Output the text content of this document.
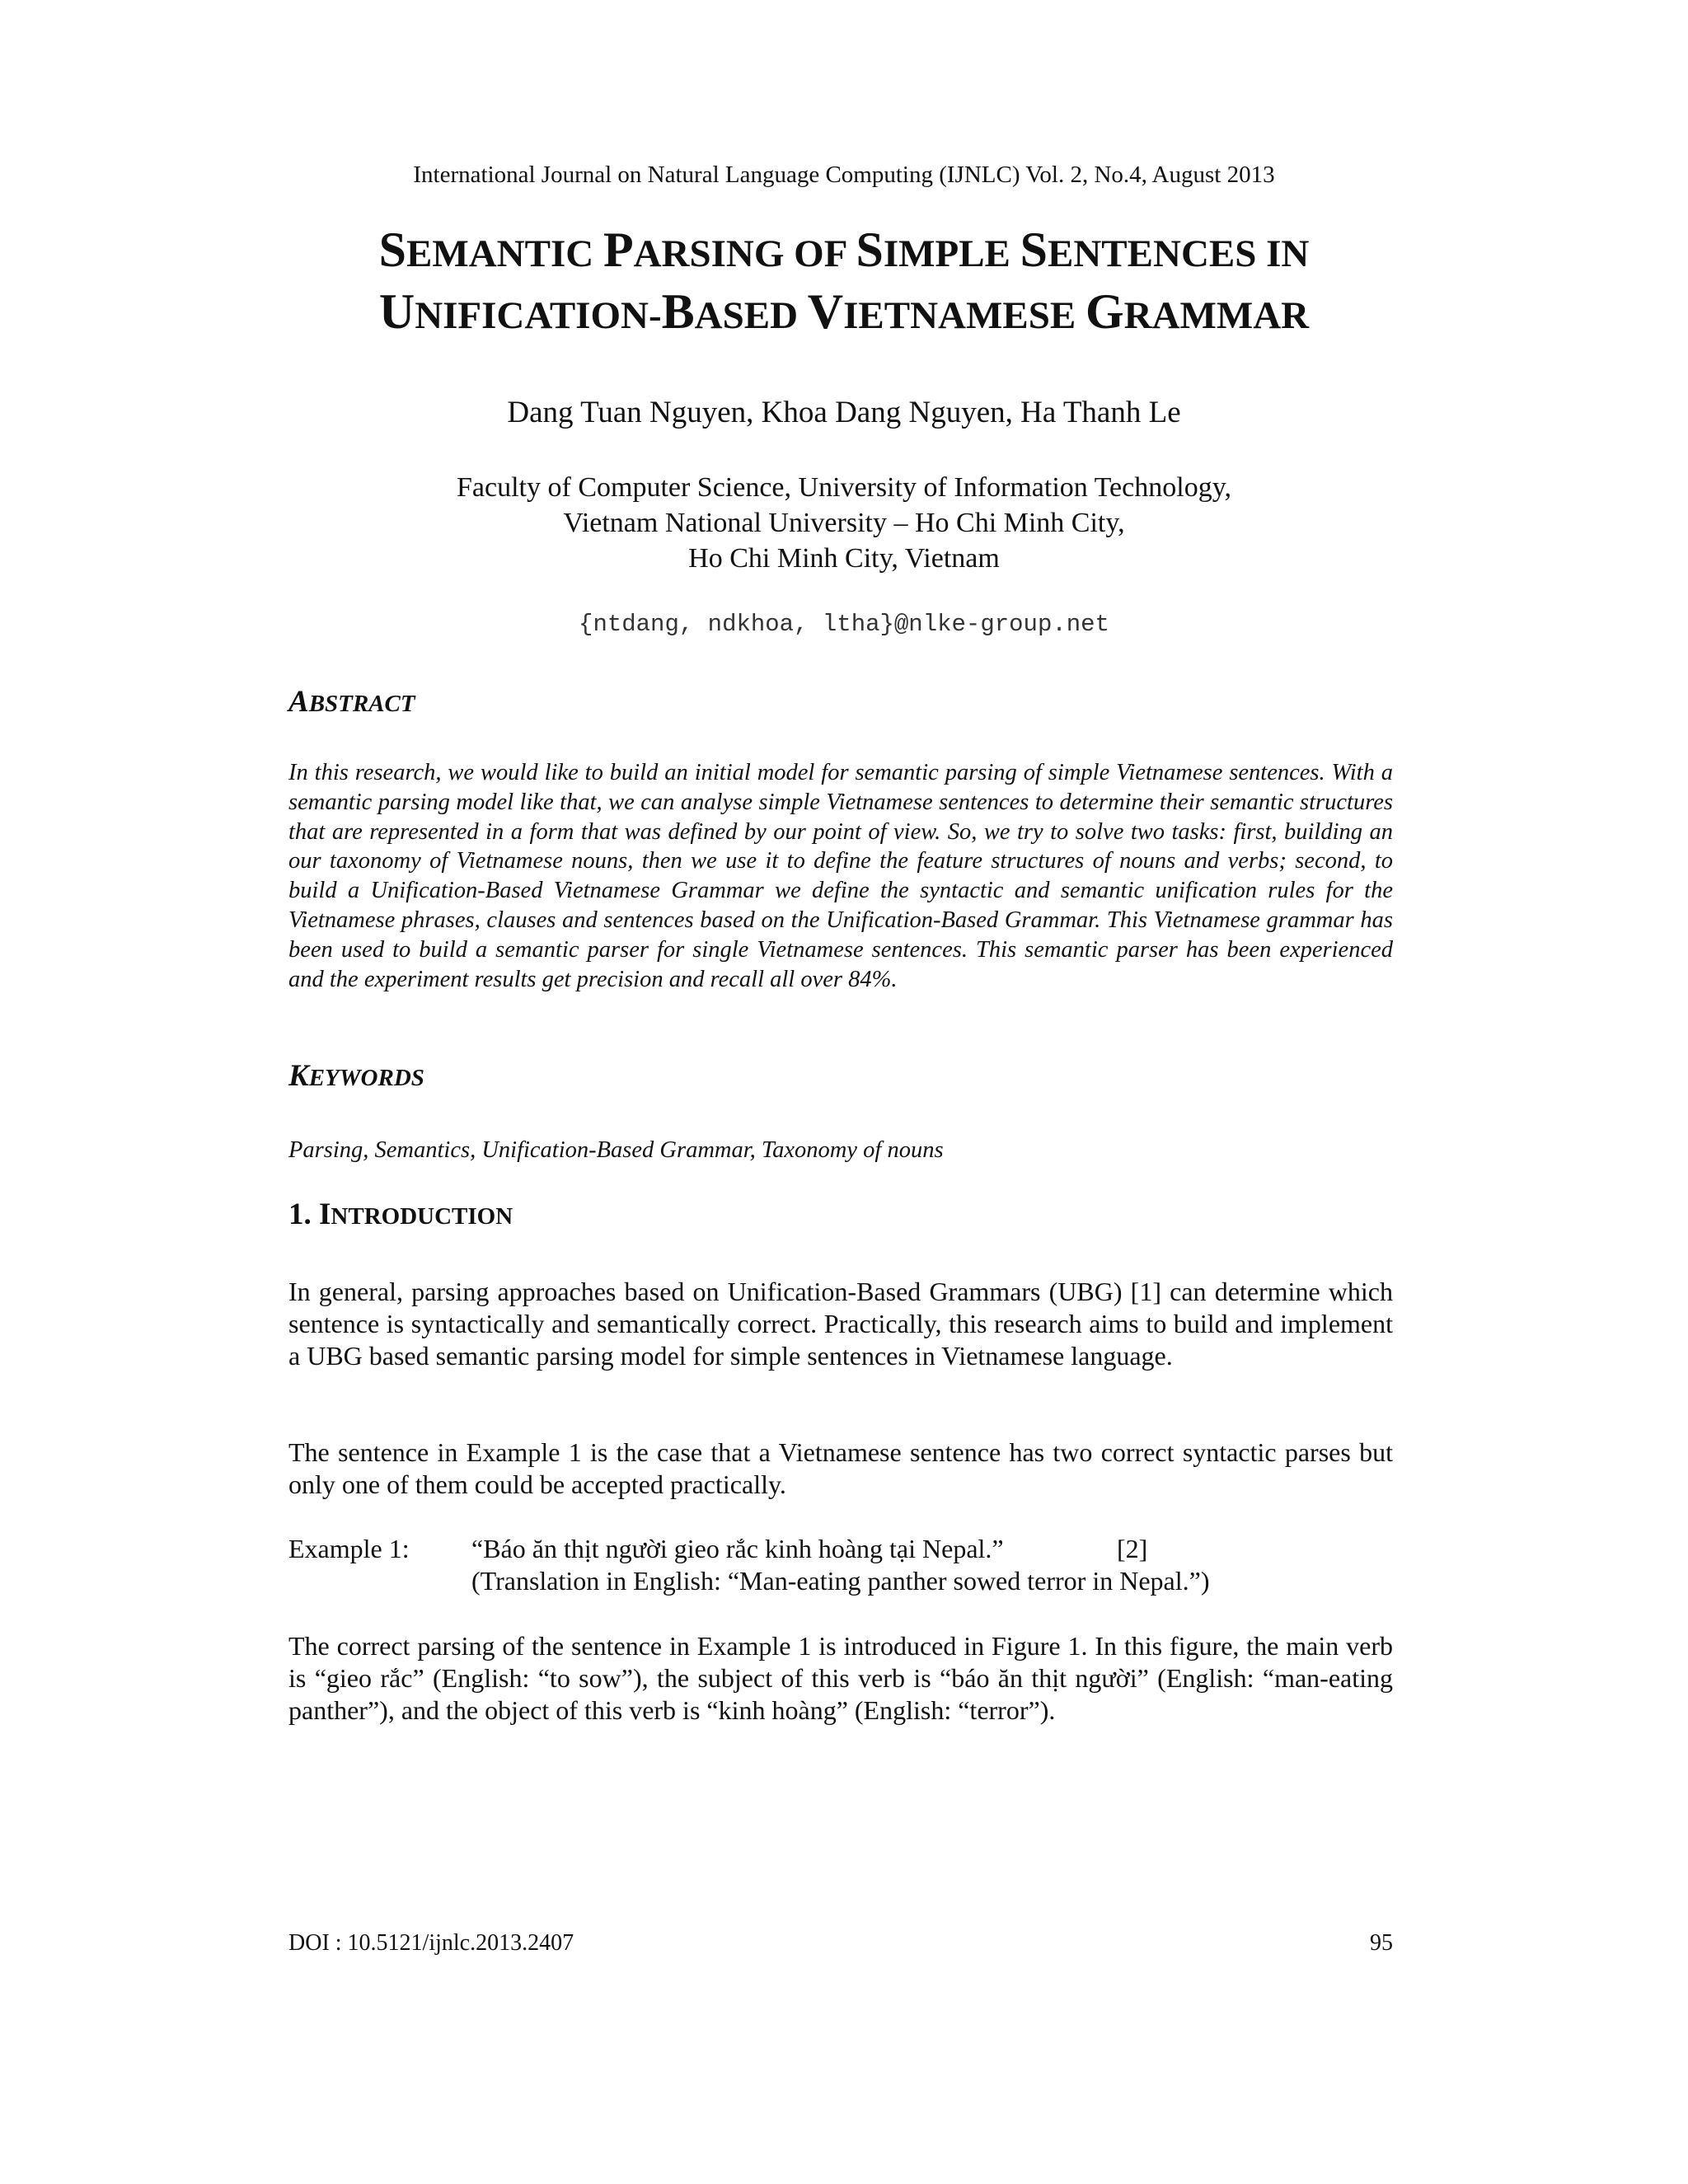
International Journal on Natural Language Computing (IJNLC) Vol. 2, No.4, August 2013
SEMANTIC PARSING OF SIMPLE SENTENCES IN
UNIFICATION-BASED VIETNAMESE GRAMMAR
Dang Tuan Nguyen, Khoa Dang Nguyen, Ha Thanh Le
Faculty of Computer Science, University of Information Technology,
Vietnam National University – Ho Chi Minh City,
Ho Chi Minh City, Vietnam
{ntdang, ndkhoa, ltha}@nlke-group.net
ABSTRACT
In this research, we would like to build an initial model for semantic parsing of simple Vietnamese sentences. With a semantic parsing model like that, we can analyse simple Vietnamese sentences to determine their semantic structures that are represented in a form that was defined by our point of view. So, we try to solve two tasks: first, building an our taxonomy of Vietnamese nouns, then we use it to define the feature structures of nouns and verbs; second, to build a Unification-Based Vietnamese Grammar we define the syntactic and semantic unification rules for the Vietnamese phrases, clauses and sentences based on the Unification-Based Grammar. This Vietnamese grammar has been used to build a semantic parser for single Vietnamese sentences. This semantic parser has been experienced and the experiment results get precision and recall all over 84%.
KEYWORDS
Parsing, Semantics, Unification-Based Grammar, Taxonomy of nouns
1. INTRODUCTION
In general, parsing approaches based on Unification-Based Grammars (UBG) [1] can determine which sentence is syntactically and semantically correct. Practically, this research aims to build and implement a UBG based semantic parsing model for simple sentences in Vietnamese language.
The sentence in Example 1 is the case that a Vietnamese sentence has two correct syntactic parses but only one of them could be accepted practically.
Example 1: “Báo ăn thịt người gieo rắc kinh hoàng tại Nepal.”	[2]
(Translation in English: “Man-eating panther sowed terror in Nepal.”)
The correct parsing of the sentence in Example 1 is introduced in Figure 1. In this figure, the main verb is “gieo rắc” (English: “to sow”), the subject of this verb is “báo ăn thịt người” (English: “man-eating panther”), and the object of this verb is “kinh hoàng” (English: “terror”).
DOI : 10.5121/ijnlc.2013.2407	95
